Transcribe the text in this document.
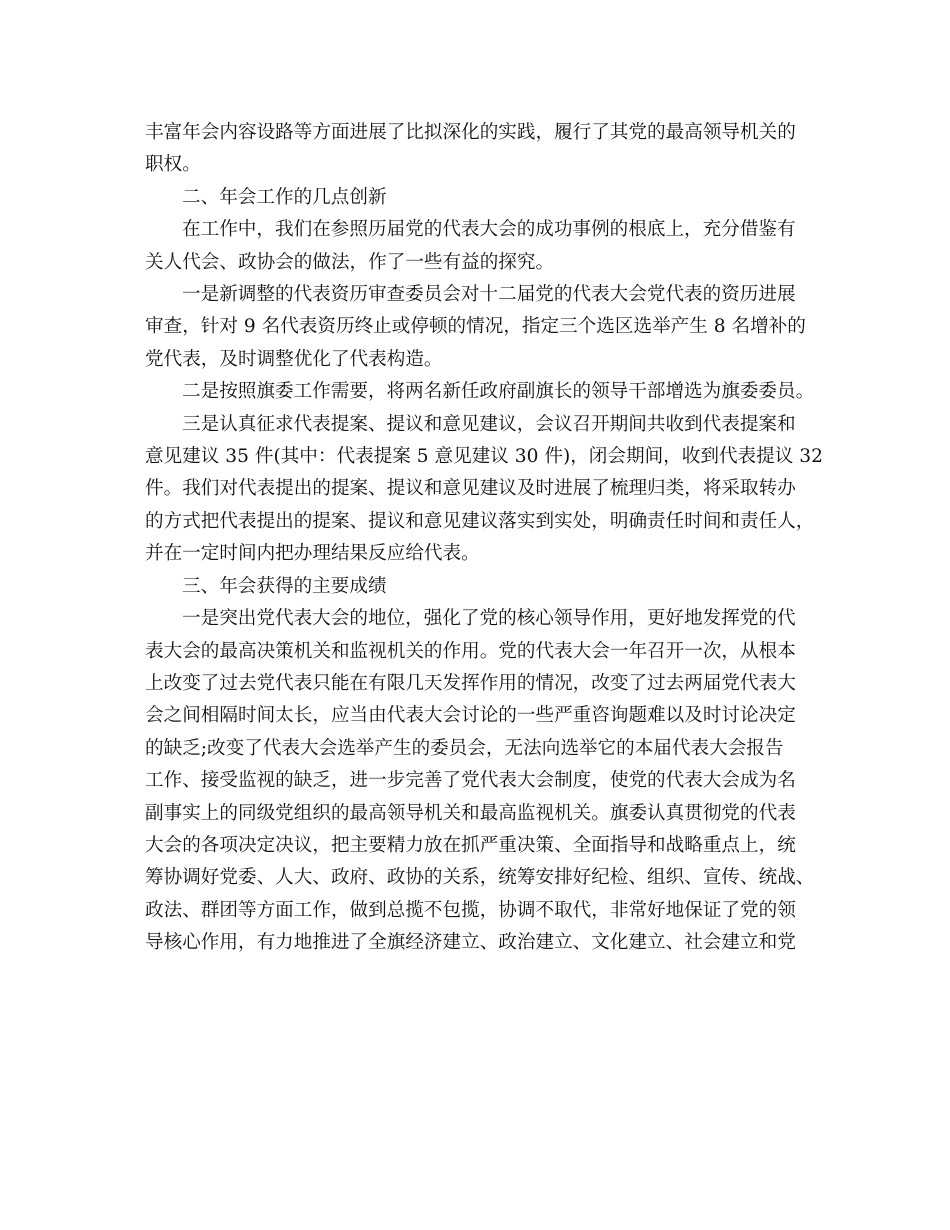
丰富年会内容设路等方面进展了比拟深化的实践，履行了其党的最高领导机关的
职权。
二、年会工作的几点创新
在工作中，我们在参照历届党的代表大会的成功事例的根底上，充分借鉴有
关人代会、政协会的做法，作了一些有益的探究。
一是新调整的代表资历审查委员会对十二届党的代表大会党代表的资历进展
审查，针对 9 名代表资历终止或停顿的情况，指定三个选区选举产生 8 名增补的
党代表，及时调整优化了代表构造。
二是按照旗委工作需要，将两名新任政府副旗长的领导干部增选为旗委委员。
三是认真征求代表提案、提议和意见建议，会议召开期间共收到代表提案和
意见建议 35 件(其中：代表提案 5 意见建议 30 件)，闭会期间，收到代表提议 32
件。我们对代表提出的提案、提议和意见建议及时进展了梳理归类，将采取转办
的方式把代表提出的提案、提议和意见建议落实到实处，明确责任时间和责任人，
并在一定时间内把办理结果反应给代表。
三、年会获得的主要成绩
一是突出党代表大会的地位，强化了党的核心领导作用，更好地发挥党的代
表大会的最高决策机关和监视机关的作用。党的代表大会一年召开一次，从根本
上改变了过去党代表只能在有限几天发挥作用的情况，改变了过去两届党代表大
会之间相隔时间太长，应当由代表大会讨论的一些严重咨询题难以及时讨论决定
的缺乏;改变了代表大会选举产生的委员会，无法向选举它的本届代表大会报告
工作、接受监视的缺乏，进一步完善了党代表大会制度，使党的代表大会成为名
副事实上的同级党组织的最高领导机关和最高监视机关。旗委认真贯彻党的代表
大会的各项决定决议，把主要精力放在抓严重决策、全面指导和战略重点上，统
筹协调好党委、人大、政府、政协的关系，统筹安排好纪检、组织、宣传、统战、
政法、群团等方面工作，做到总揽不包揽，协调不取代，非常好地保证了党的领
导核心作用，有力地推进了全旗经济建立、政治建立、文化建立、社会建立和党
